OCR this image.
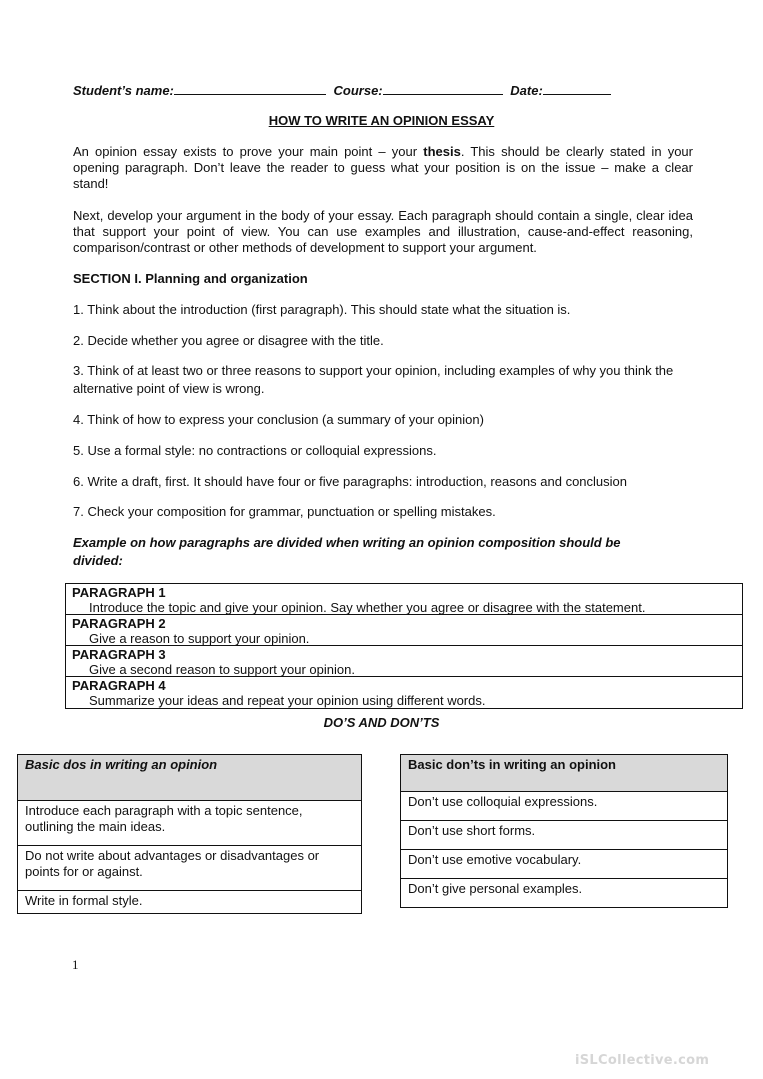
Student’s name:	Course:	Date:
HOW TO WRITE AN OPINION ESSAY
An opinion essay exists to prove your main point – your thesis. This should be clearly stated in your opening paragraph. Don’t leave the reader to guess what your position is on the issue – make a clear stand!
Next, develop your argument in the body of your essay. Each paragraph should contain a single, clear idea that support your point of view. You can use examples and illustration, cause-and-effect reasoning, comparison/contrast or other methods of development to support your argument.
SECTION I. Planning and organization
1. Think about the introduction (first paragraph). This should state what the situation is.
2. Decide whether you agree or disagree with the title.
3. Think of at least two or three reasons to support your opinion, including examples of why you think the alternative point of view is wrong.
4. Think of how to express your conclusion (a summary of your opinion)
5. Use a formal style: no contractions or colloquial expressions.
6. Write a draft, first. It should have four or five paragraphs: introduction, reasons and conclusion
7. Check your composition for grammar, punctuation or spelling mistakes.
Example on how paragraphs are divided when writing an opinion composition should be divided:
PARAGRAPH 1
Introduce the topic and give your opinion. Say whether you agree or disagree with the statement.
PARAGRAPH 2
Give a reason to support your opinion.
PARAGRAPH 3
Give a second reason to support your opinion.
PARAGRAPH 4
Summarize your ideas and repeat your opinion using different words.
DO’S AND DON’TS
Basic dos in writing an opinion
Introduce each paragraph with a topic sentence, outlining the main ideas.
Do not write about advantages or disadvantages or points for or against.
Write in formal style.
Basic don’ts in writing an opinion
Don’t use colloquial expressions.
Don’t use short forms.
Don’t use emotive vocabulary.
Don’t give personal examples.
1
iSLCollective.com
